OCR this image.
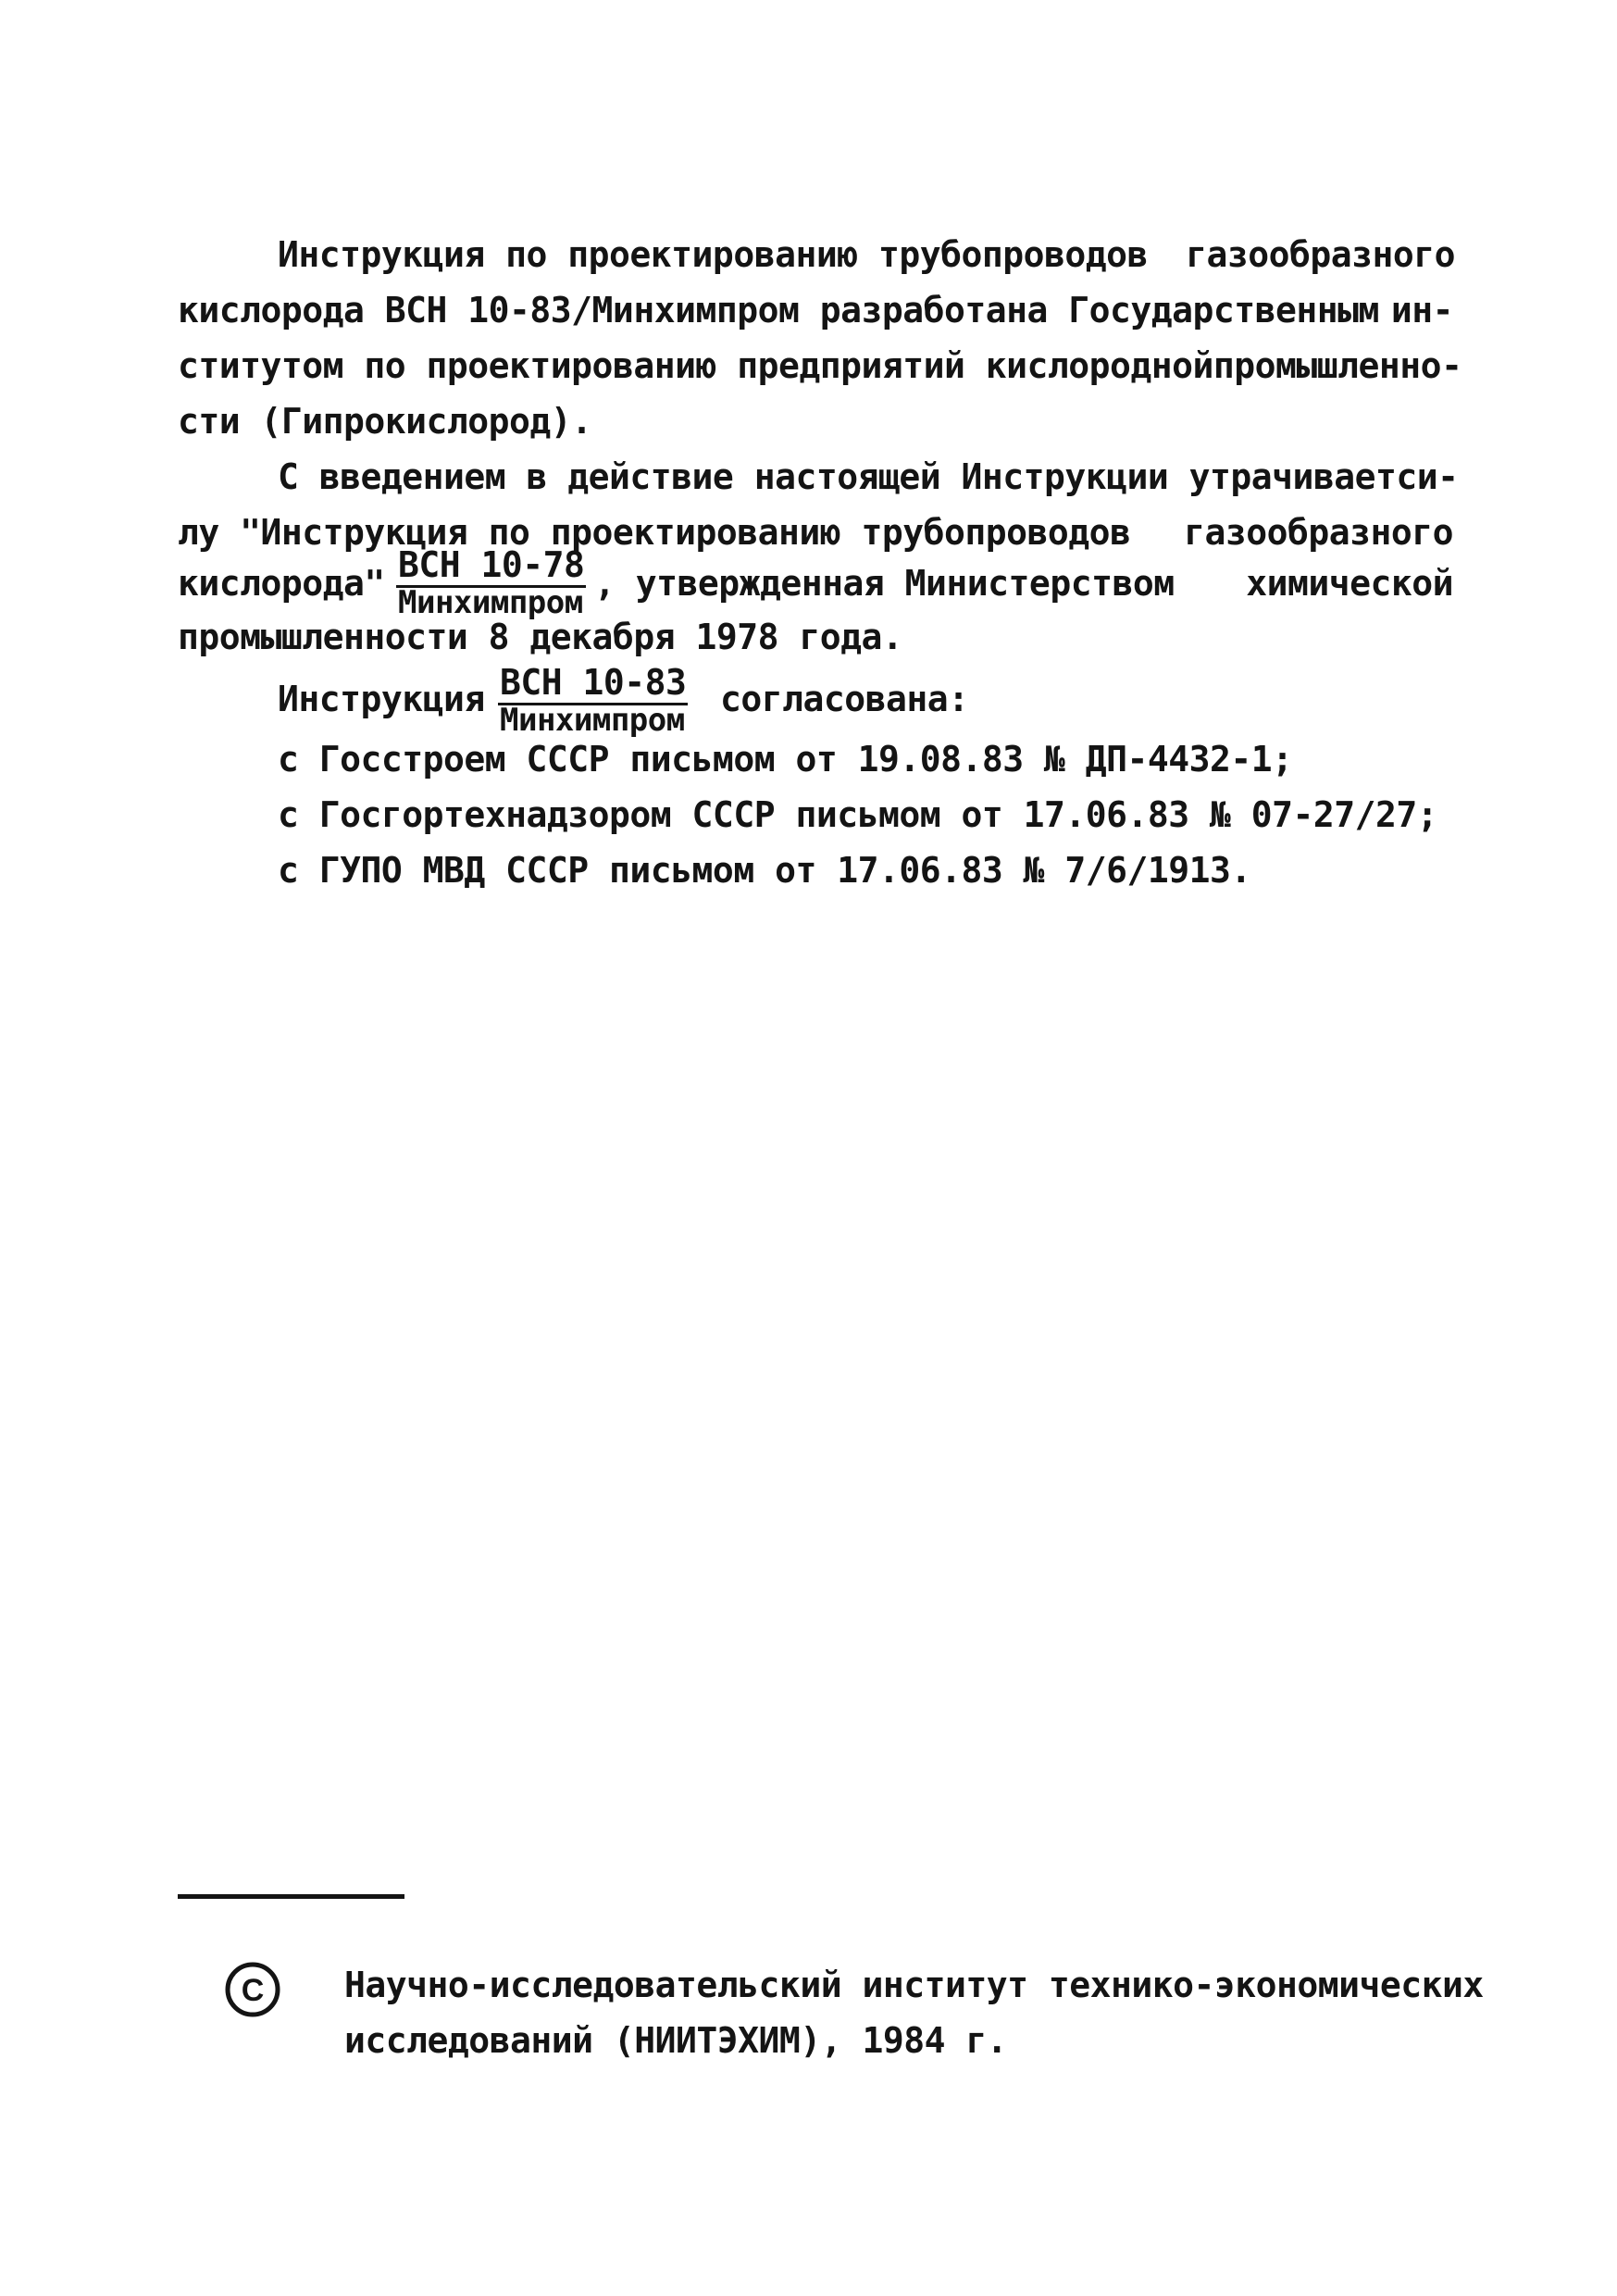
Инструкция по проектированию трубопроводов газообразного
кислорода ВСН 10-83/Минхимпром разработана Государственным ин-
ститутом по проектированию предприятий кислородной промышленно-
сти (Гипрокислород).
С введением в действие настоящей Инструкции утрачивает си-
лу "Инструкция по проектированию трубопроводов газообразного
кислорода" ВСН 10-78
Минхимпром , утвержденная Министерством химической
промышленности 8 декабря 1978 года.
Инструкция ВСН 10-83
Минхимпром
согласована:
с Госстроем СССР письмом от 19.08.83 № ДП-4432-1;
с Госгортехнадзором СССР письмом от 17.06.83 № 07-27/27;
с ГУПО МВД СССР письмом от 17.06.83 № 7/6/1913.
C Научно-исследовательский институт технико-экономических
исследований (НИИТЭХИМ), 1984 г.
